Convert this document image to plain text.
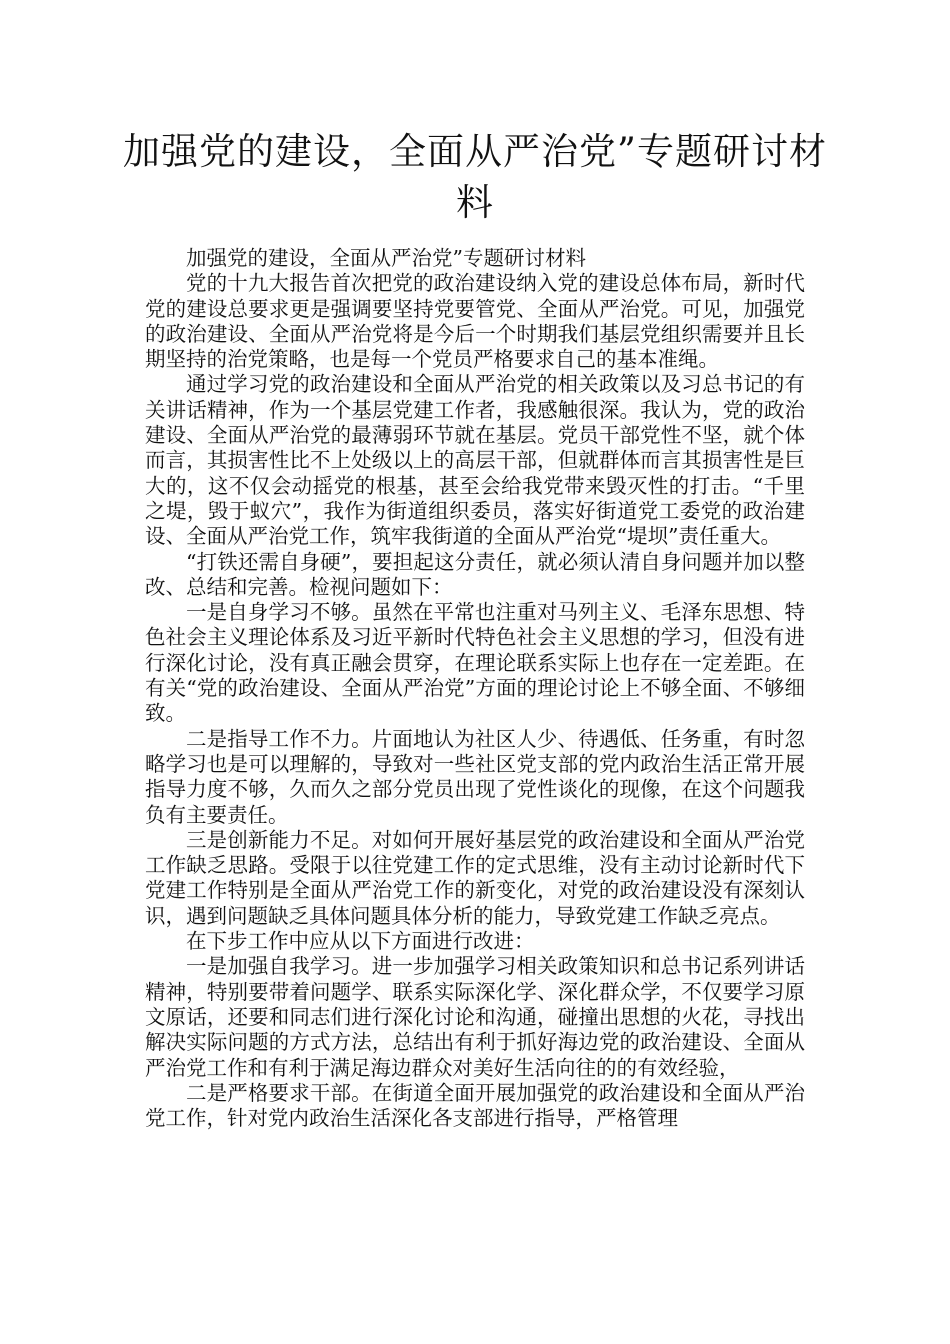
加强党的建设，全面从严治党”专题研讨材料

加强党的建设，全面从严治党”专题研讨材料

党的十九大报告首次把党的政治建设纳入党的建设总体布局，新时代党的建设总要求更是强调要坚持党要管党、全面从严治党。可见，加强党的政治建设、全面从严治党将是今后一个时期我们基层党组织需要并且长期坚持的治党策略，也是每一个党员严格要求自己的基本准绳。

通过学习党的政治建设和全面从严治党的相关政策以及习总书记的有关讲话精神，作为一个基层党建工作者，我感触很深。我认为，党的政治建设、全面从严治党的最薄弱环节就在基层。党员干部党性不坚，就个体而言，其损害性比不上处级以上的高层干部，但就群体而言其损害性是巨大的，这不仅会动摇党的根基，甚至会给我党带来毁灭性的打击。“千里之堤，毁于蚁穴”，我作为街道组织委员，落实好街道党工委党的政治建设、全面从严治党工作，筑牢我街道的全面从严治党“堤坝”责任重大。

“打铁还需自身硬”，要担起这分责任，就必须认清自身问题并加以整改、总结和完善。检视问题如下：

一是自身学习不够。虽然在平常也注重对马列主义、毛泽东思想、特色社会主义理论体系及习近平新时代特色社会主义思想的学习，但没有进行深化讨论，没有真正融会贯穿，在理论联系实际上也存在一定差距。在有关“党的政治建设、全面从严治党”方面的理论讨论上不够全面、不够细致。

二是指导工作不力。片面地认为社区人少、待遇低、任务重，有时忽略学习也是可以理解的，导致对一些社区党支部的党内政治生活正常开展指导力度不够，久而久之部分党员出现了党性谈化的现像，在这个问题我负有主要责任。

三是创新能力不足。对如何开展好基层党的政治建设和全面从严治党工作缺乏思路。受限于以往党建工作的定式思维，没有主动讨论新时代下党建工作特别是全面从严治党工作的新变化，对党的政治建设没有深刻认识，遇到问题缺乏具体问题具体分析的能力，导致党建工作缺乏亮点。

在下步工作中应从以下方面进行改进：

一是加强自我学习。进一步加强学习相关政策知识和总书记系列讲话精神，特别要带着问题学、联系实际深化学、深化群众学，不仅要学习原文原话，还要和同志们进行深化讨论和沟通，碰撞出思想的火花，寻找出解决实际问题的方式方法，总结出有利于抓好海边党的政治建设、全面从严治党工作和有利于满足海边群众对美好生活向往的的有效经验，

二是严格要求干部。在街道全面开展加强党的政治建设和全面从严治党工作，针对党内政治生活深化各支部进行指导，严格管理
